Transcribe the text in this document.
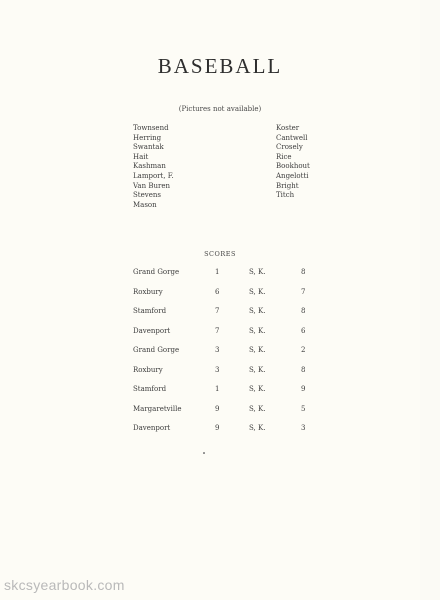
BASEBALL
(Pictures not available)
Townsend
Herring
Swantak
Hait
Kashman
Lamport, F.
Van Buren
Stevens
Mason
Koster
Cantwell
Crosely
Rice
Bookhout
Angelotti
Bright
Titch
SCORES
Grand Gorge	1	S, K.	8
Roxbury	6	S, K.	7
Stamford	7	S, K.	8
Davenport	7	S, K.	6
Grand Gorge	3	S, K.	2
Roxbury	3	S, K.	8
Stamford	1	S, K.	9
Margaretville	9	S, K.	5
Davenport	9	S, K.	3
skcsyearbook.com
